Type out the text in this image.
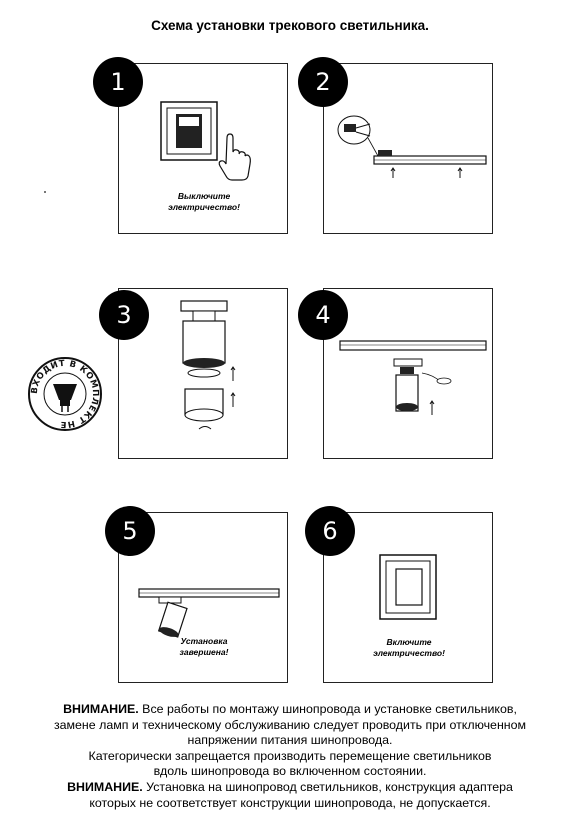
Схема установки трекового светильника.
Выключите
электричество!
1	2
ВХОДИТ В КОМПЛЕКТ НЕ
3	4
Установка
завершена!
5
Включите
электричество!
6

ВНИМАНИЕ. Все работы по монтажу шинопровода и установке светильников,
замене ламп и техническому обслуживанию следует проводить при отключенном
напряжении питания шинопровода.

Категорически запрещается производить перемещение светильников
вдоль шинопровода во включенном состоянии.

ВНИМАНИЕ. Установка на шинопровод светильников, конструкция адаптера
которых не соответствует конструкции шинопровода, не допускается.
